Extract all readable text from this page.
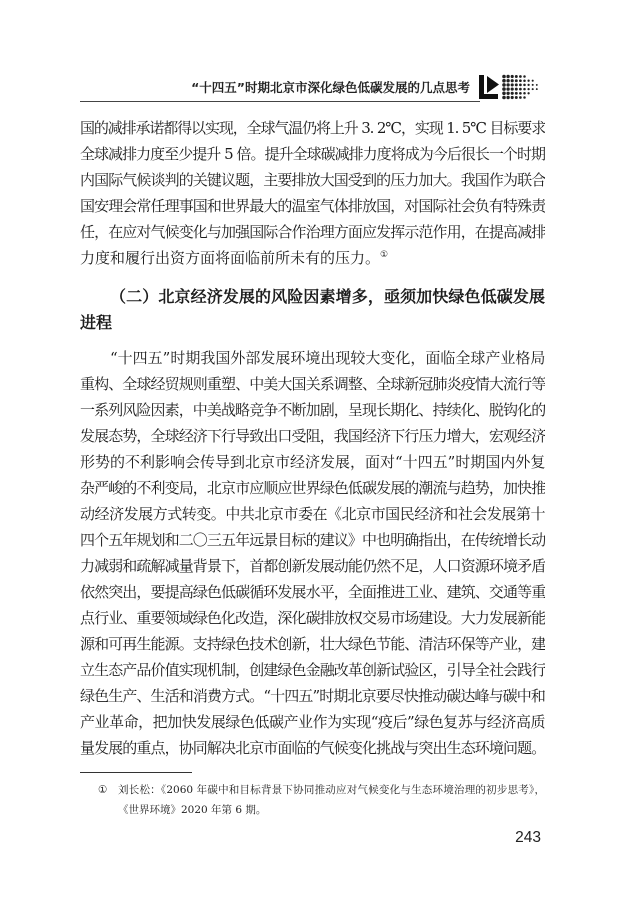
“十四五”时期北京市深化绿色低碳发展的几点思考
国的减排承诺都得以实现，全球气温仍将上升 3. 2℃，实现 1. 5℃ 目标要求
全球减排力度至少提升 5 倍。提升全球碳减排力度将成为今后很长一个时期
内国际气候谈判的关键议题，主要排放大国受到的压力加大。我国作为联合
国安理会常任理事国和世界最大的温室气体排放国，对国际社会负有特殊责
任，在应对气候变化与加强国际合作治理方面应发挥示范作用，在提高减排
力度和履行出资方面将面临前所未有的压力。①
（二）北京经济发展的风险因素增多，亟须加快绿色低碳发展
进程
“十四五”时期我国外部发展环境出现较大变化，面临全球产业格局
重构、全球经贸规则重塑、中美大国关系调整、全球新冠肺炎疫情大流行等
一系列风险因素，中美战略竞争不断加剧，呈现长期化、持续化、脱钩化的
发展态势，全球经济下行导致出口受阻，我国经济下行压力增大，宏观经济
形势的不利影响会传导到北京市经济发展，面对“十四五”时期国内外复
杂严峻的不利变局，北京市应顺应世界绿色低碳发展的潮流与趋势，加快推
动经济发展方式转变。中共北京市委在《北京市国民经济和社会发展第十
四个五年规划和二〇三五年远景目标的建议》中也明确指出，在传统增长动
力减弱和疏解减量背景下，首都创新发展动能仍然不足，人口资源环境矛盾
依然突出，要提高绿色低碳循环发展水平，全面推进工业、建筑、交通等重
点行业、重要领域绿色化改造，深化碳排放权交易市场建设。大力发展新能
源和可再生能源。支持绿色技术创新，壮大绿色节能、清洁环保等产业，建
立生态产品价值实现机制，创建绿色金融改革创新试验区，引导全社会践行
绿色生产、生活和消费方式。“十四五”时期北京要尽快推动碳达峰与碳中和
产业革命，把加快发展绿色低碳产业作为实现“疫后”绿色复苏与经济高质
量发展的重点，协同解决北京市面临的气候变化挑战与突出生态环境问题。
① 刘长松：《2060 年碳中和目标背景下协同推动应对气候变化与生态环境治理的初步思考》，
《世界环境》2020 年第 6 期。
243
